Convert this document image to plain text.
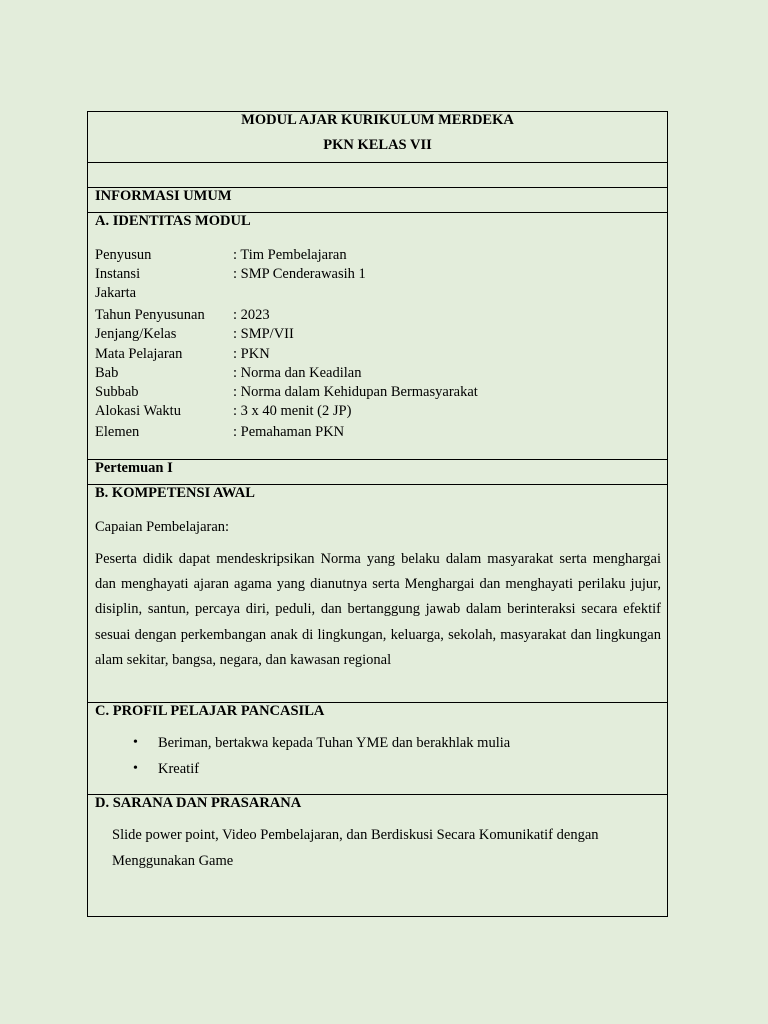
MODUL AJAR KURIKULUM MERDEKA
PKN KELAS VII
INFORMASI UMUM
A. IDENTITAS MODUL
Penyusun	: Tim Pembelajaran
Instansi	: SMP Cenderawasih 1
Jakarta
Tahun Penyusunan : 2023
Jenjang/Kelas	: SMP/VII
Mata Pelajaran	: PKN
Bab	: Norma dan Keadilan
Subbab	: Norma dalam Kehidupan Bermasyarakat
Alokasi Waktu	: 3 x 40 menit (2 JP)
Elemen	: Pemahaman PKN
Pertemuan I
B. KOMPETENSI AWAL
Capaian Pembelajaran:
Peserta didik dapat mendeskripsikan Norma yang belaku dalam masyarakat serta menghargai dan menghayati ajaran agama yang dianutnya serta Menghargai dan menghayati perilaku jujur, disiplin, santun, percaya diri, peduli, dan bertanggung jawab dalam berinteraksi secara efektif sesuai dengan perkembangan anak di lingkungan, keluarga, sekolah, masyarakat dan lingkungan alam sekitar, bangsa, negara, dan kawasan regional
C. PROFIL PELAJAR PANCASILA
• Beriman, bertakwa kepada Tuhan YME dan berakhlak mulia
• Kreatif
D. SARANA DAN PRASARANA
Slide power point, Video Pembelajaran, dan Berdiskusi Secara Komunikatif dengan
Menggunakan Game
